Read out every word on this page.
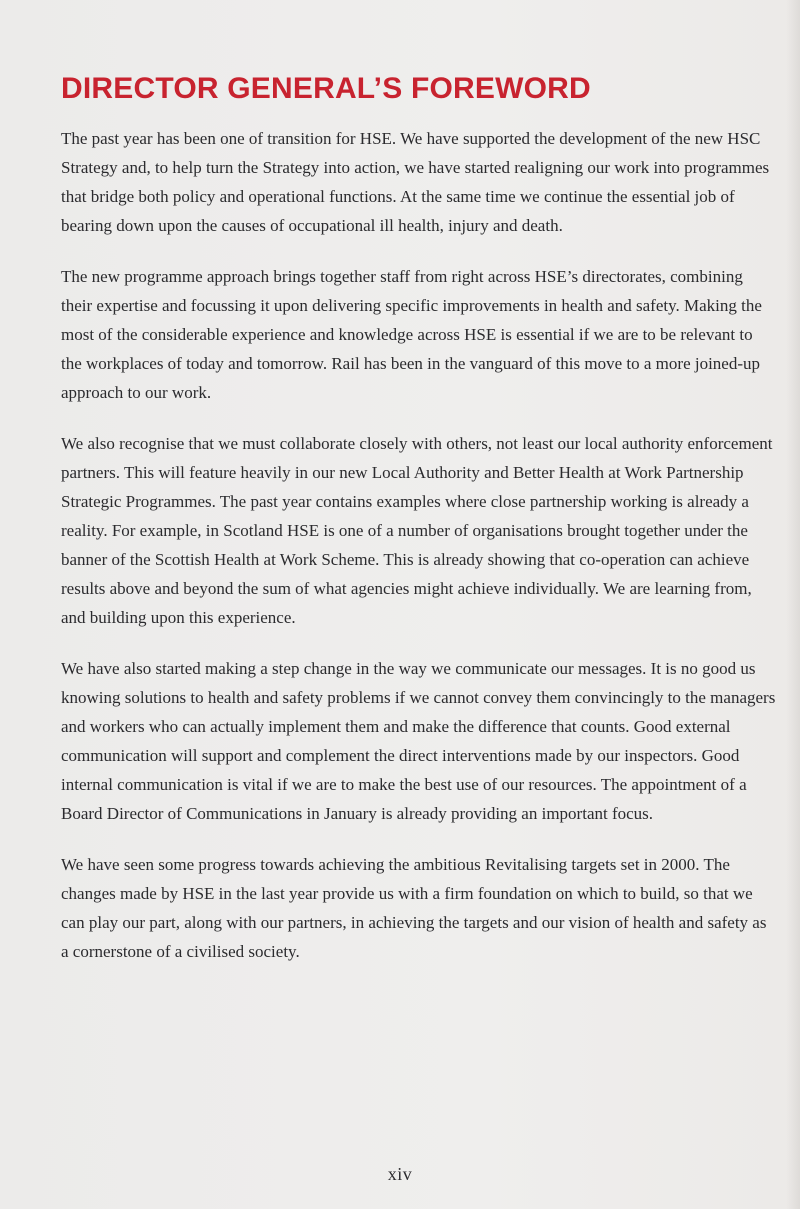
DIRECTOR GENERAL’S FOREWORD

The past year has been one of transition for HSE. We have supported the development of the new HSC Strategy and, to help turn the Strategy into action, we have started realigning our work into programmes that bridge both policy and operational functions. At the same time we continue the essential job of bearing down upon the causes of occupational ill health, injury and death.

The new programme approach brings together staff from right across HSE’s directorates, combining their expertise and focussing it upon delivering specific improvements in health and safety. Making the most of the considerable experience and knowledge across HSE is essential if we are to be relevant to the workplaces of today and tomorrow. Rail has been in the vanguard of this move to a more joined-up approach to our work.

We also recognise that we must collaborate closely with others, not least our local authority enforcement partners. This will feature heavily in our new Local Authority and Better Health at Work Partnership Strategic Programmes. The past year contains examples where close partnership working is already a reality. For example, in Scotland HSE is one of a number of organisations brought together under the banner of the Scottish Health at Work Scheme. This is already showing that co-operation can achieve results above and beyond the sum of what agencies might achieve individually. We are learning from, and building upon this experience.

We have also started making a step change in the way we communicate our messages. It is no good us knowing solutions to health and safety problems if we cannot convey them convincingly to the managers and workers who can actually implement them and make the difference that counts. Good external communication will support and complement the direct interventions made by our inspectors. Good internal communication is vital if we are to make the best use of our resources. The appointment of a Board Director of Communications in January is already providing an important focus.

We have seen some progress towards achieving the ambitious Revitalising targets set in 2000. The changes made by HSE in the last year provide us with a firm foundation on which to build, so that we can play our part, along with our partners, in achieving the targets and our vision of health and safety as a cornerstone of a civilised society.

xiv
